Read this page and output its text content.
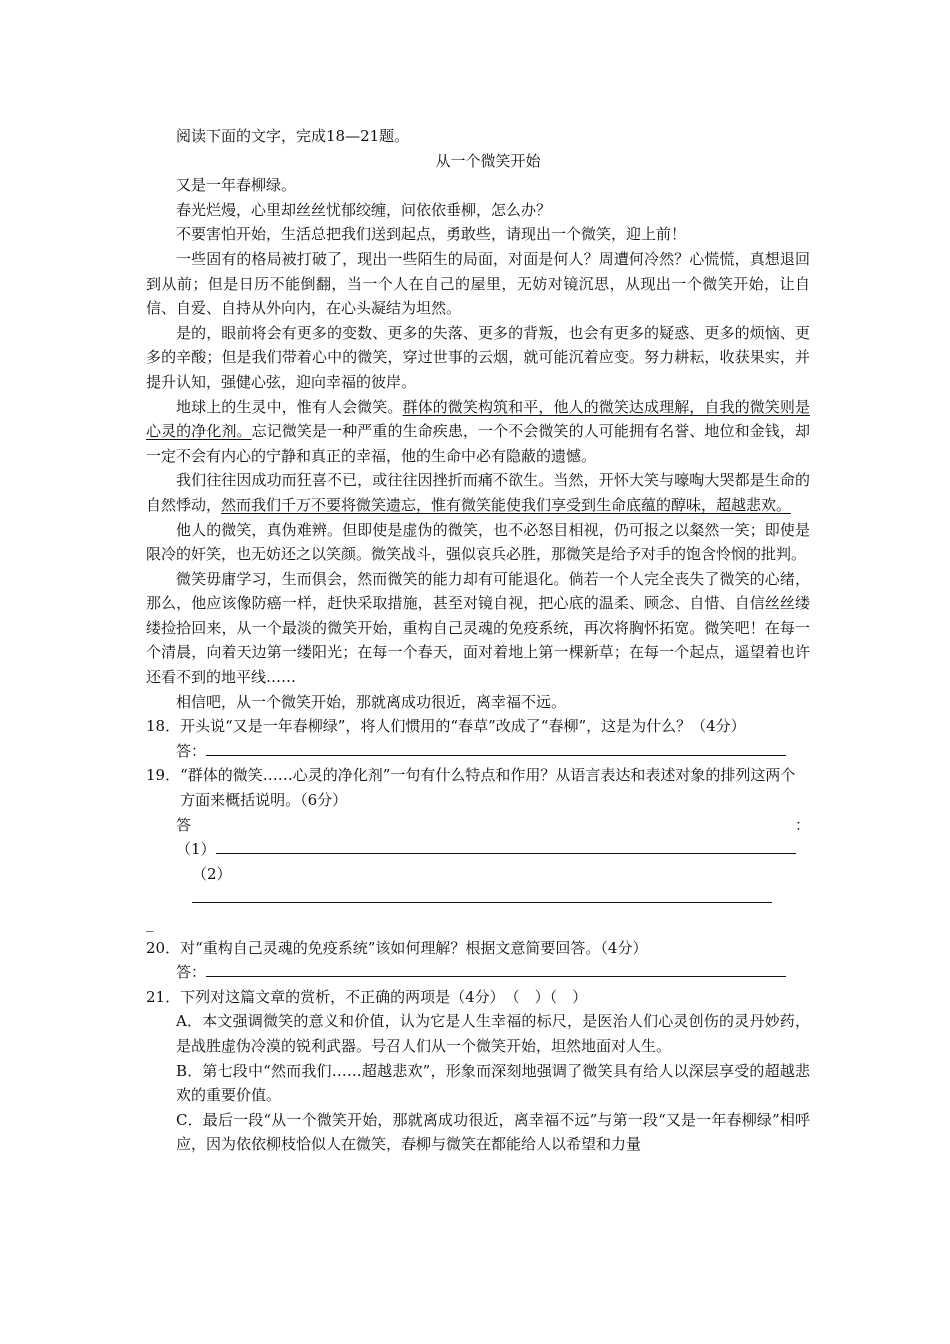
阅读下面的文字，完成18—21题。

从一个微笑开始

又是一年春柳绿。

春光烂熳，心里却丝丝忧郁绞缠，问依依垂柳，怎么办？

不要害怕开始，生活总把我们送到起点，勇敢些，请现出一个微笑，迎上前！

一些固有的格局被打破了，现出一些陌生的局面，对面是何人？周遭何冷然？心慌慌，真想退回到从前；但是日历不能倒翻，当一个人在自己的屋里，无妨对镜沉思，从现出一个微笑开始，让自信、自爱、自持从外向内，在心头凝结为坦然。

是的，眼前将会有更多的变数、更多的失落、更多的背叛，也会有更多的疑惑、更多的烦恼、更多的辛酸；但是我们带着心中的微笑，穿过世事的云烟，就可能沉着应变。努力耕耘，收获果实，并提升认知，强健心弦，迎向幸福的彼岸。

地球上的生灵中，惟有人会微笑。群体的微笑构筑和平，他人的微笑达成理解，自我的微笑则是心灵的净化剂。忘记微笑是一种严重的生命疾患，一个不会微笑的人可能拥有名誉、地位和金钱，却一定不会有内心的宁静和真正的幸福，他的生命中必有隐蔽的遗憾。

我们往往因成功而狂喜不已，或往往因挫折而痛不欲生。当然，开怀大笑与嚎啕大哭都是生命的自然悸动，然而我们千万不要将微笑遗忘，惟有微笑能使我们享受到生命底蕴的醇味，超越悲欢。

他人的微笑，真伪难辨。但即使是虚伪的微笑，也不必怒目相视，仍可报之以粲然一笑；即使是限冷的奸笑，也无妨还之以笑颜。微笑战斗，强似哀兵必胜，那微笑是给予对手的饱含怜悯的批判。

微笑毋庸学习，生而俱会，然而微笑的能力却有可能退化。倘若一个人完全丧失了微笑的心绪，那么，他应该像防癌一样，赶快采取措施，甚至对镜自视，把心底的温柔、顾念、自惜、自信丝丝缕缕捡拾回来，从一个最淡的微笑开始，重构自己灵魂的免疫系统，再次将胸怀拓宽。微笑吧！在每一个清晨，向着天边第一缕阳光；在每一个春天，面对着地上第一棵新草；在每一个起点，遥望着也许还看不到的地平线……

相信吧，从一个微笑开始，那就离成功很近，离幸福不远。

18． 开头说“又是一年春柳绿”，将人们惯用的“春草”改成了“春柳”，这是为什么？（4分）

答：

19． “群体的微笑……心灵的净化剂”一句有什么特点和作用？从语言表达和表述对象的排列这两个方面来概括说明。（6分）

答	：

（1）

（2）

_

20． 对“重构自己灵魂的免疫系统”该如何理解？根据文意简要回答。（4分）

答：

21． 下列对这篇文章的赏析，不正确的两项是（4分）　（　）（　）

A．本文强调微笑的意义和价值，认为它是人生幸福的标尺，是医治人们心灵创伤的灵丹妙药，是战胜虚伪冷漠的锐利武器。号召人们从一个微笑开始，坦然地面对人生。

B．第七段中“然而我们……超越悲欢”，形象而深刻地强调了微笑具有给人以深层享受的超越悲欢的重要价值。

C．最后一段“从一个微笑开始，那就离成功很近，离幸福不远”与第一段“又是一年春柳绿”相呼应，因为依依柳枝恰似人在微笑，春柳与微笑在都能给人以希望和力量
